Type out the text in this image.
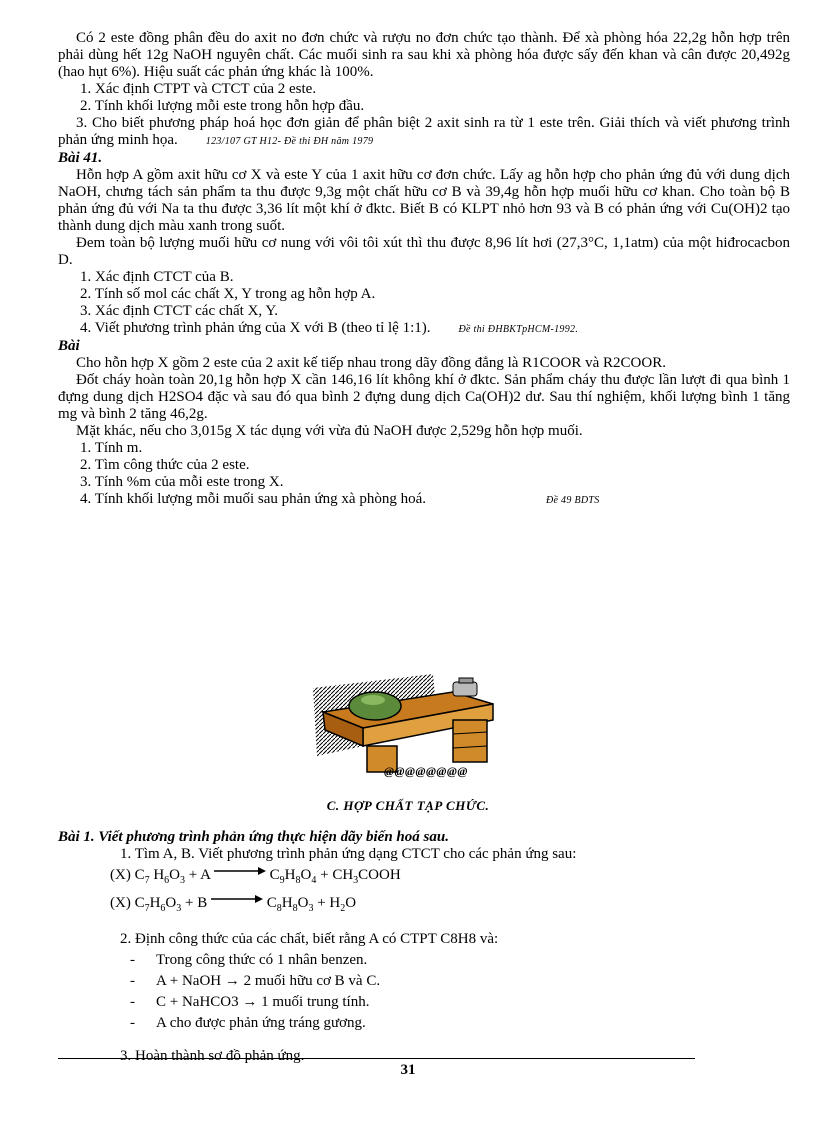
Có 2 este đồng phân đều do axit no đơn chức và rượu no đơn chức tạo thành. Để xà phòng hóa 22,2g hỗn hợp trên phải dùng hết 12g NaOH nguyên chất. Các muối sinh ra sau khi xà phòng hóa được sấy đến khan và cân được 20,492g (hao hụt 6%). Hiệu suất các phản ứng khác là 100%.

1. Xác định CTPT và CTCT của 2 este.

2. Tính khối lượng mỗi este trong hỗn hợp đầu.

3. Cho biết phương pháp hoá học đơn giản để phân biệt 2 axit sinh ra từ 1 este trên. Giải thích và viết phương trình phản ứng minh họa.	123/107 GT H12- Đề thi ĐH năm 1979

Bài 41.

Hỗn hợp A gồm axit hữu cơ X và este Y của 1 axit hữu cơ đơn chức. Lấy ag hỗn hợp cho phản ứng đủ với dung dịch NaOH, chưng tách sản phẩm ta thu được 9,3g một chất hữu cơ B và 39,4g hỗn hợp muối hữu cơ khan. Cho toàn bộ B phản ứng đủ với Na ta thu được 3,36 lít một khí ở đktc. Biết B có KLPT nhỏ hơn 93 và B có phản ứng với Cu(OH)2 tạo thành dung dịch màu xanh trong suốt.

Đem toàn bộ lượng muối hữu cơ nung với vôi tôi xút thì thu được 8,96 lít hơi (27,3°C, 1,1atm) của một hiđrocacbon D.

1. Xác định CTCT của B.

2. Tính số mol các chất X, Y trong ag hỗn hợp A.

3. Xác định CTCT các chất X, Y.

4. Viết phương trình phản ứng của X với B (theo tỉ lệ 1:1).	Đề thi ĐHBKTpHCM-1992.

Bài

Cho hỗn hợp X gồm 2 este của 2 axit kế tiếp nhau trong dãy đồng đẳng là R1COOR và R2COOR.

Đốt cháy hoàn toàn 20,1g hỗn hợp X cần 146,16 lít không khí ở đktc. Sản phẩm cháy thu được lần lượt đi qua bình 1 đựng dung dịch H2SO4 đặc và sau đó qua bình 2 đựng dung dịch Ca(OH)2 dư. Sau thí nghiệm, khối lượng bình 1 tăng mg và bình 2 tăng 46,2g.

Mặt khác, nếu cho 3,015g X tác dụng với vừa đủ NaOH được 2,529g hỗn hợp muối.

1. Tính m.

2. Tìm công thức của 2 este.

3. Tính %m của mỗi este trong X.

4. Tính khối lượng mỗi muối sau phản ứng xà phòng hoá.	Đề 49 BDTS

@@@@@@@@
C. HỢP CHẤT TẠP CHỨC.

Bài 1. Viết phương trình phản ứng thực hiện dãy biến hoá sau.

1. Tìm A, B. Viết phương trình phản ứng dạng CTCT cho các phản ứng sau:

(X) $C_7$ $H_6O_3 + A$	$C_9H_8O_4$ + $CH_3COOH$

(X) $C_7H_6O_3 + B$	$C_8H_8O_3 + H_2O$

2. Định công thức của các chất, biết rằng A có CTPT C8H8 và:

- Trong công thức có 1 nhân benzen.

- A + NaOH → 2 muối hữu cơ B và C.

- C + NaHCO3 → 1 muối trung tính.

- A cho được phản ứng tráng gương.

3. Hoàn thành sơ đồ phản ứng.

31
